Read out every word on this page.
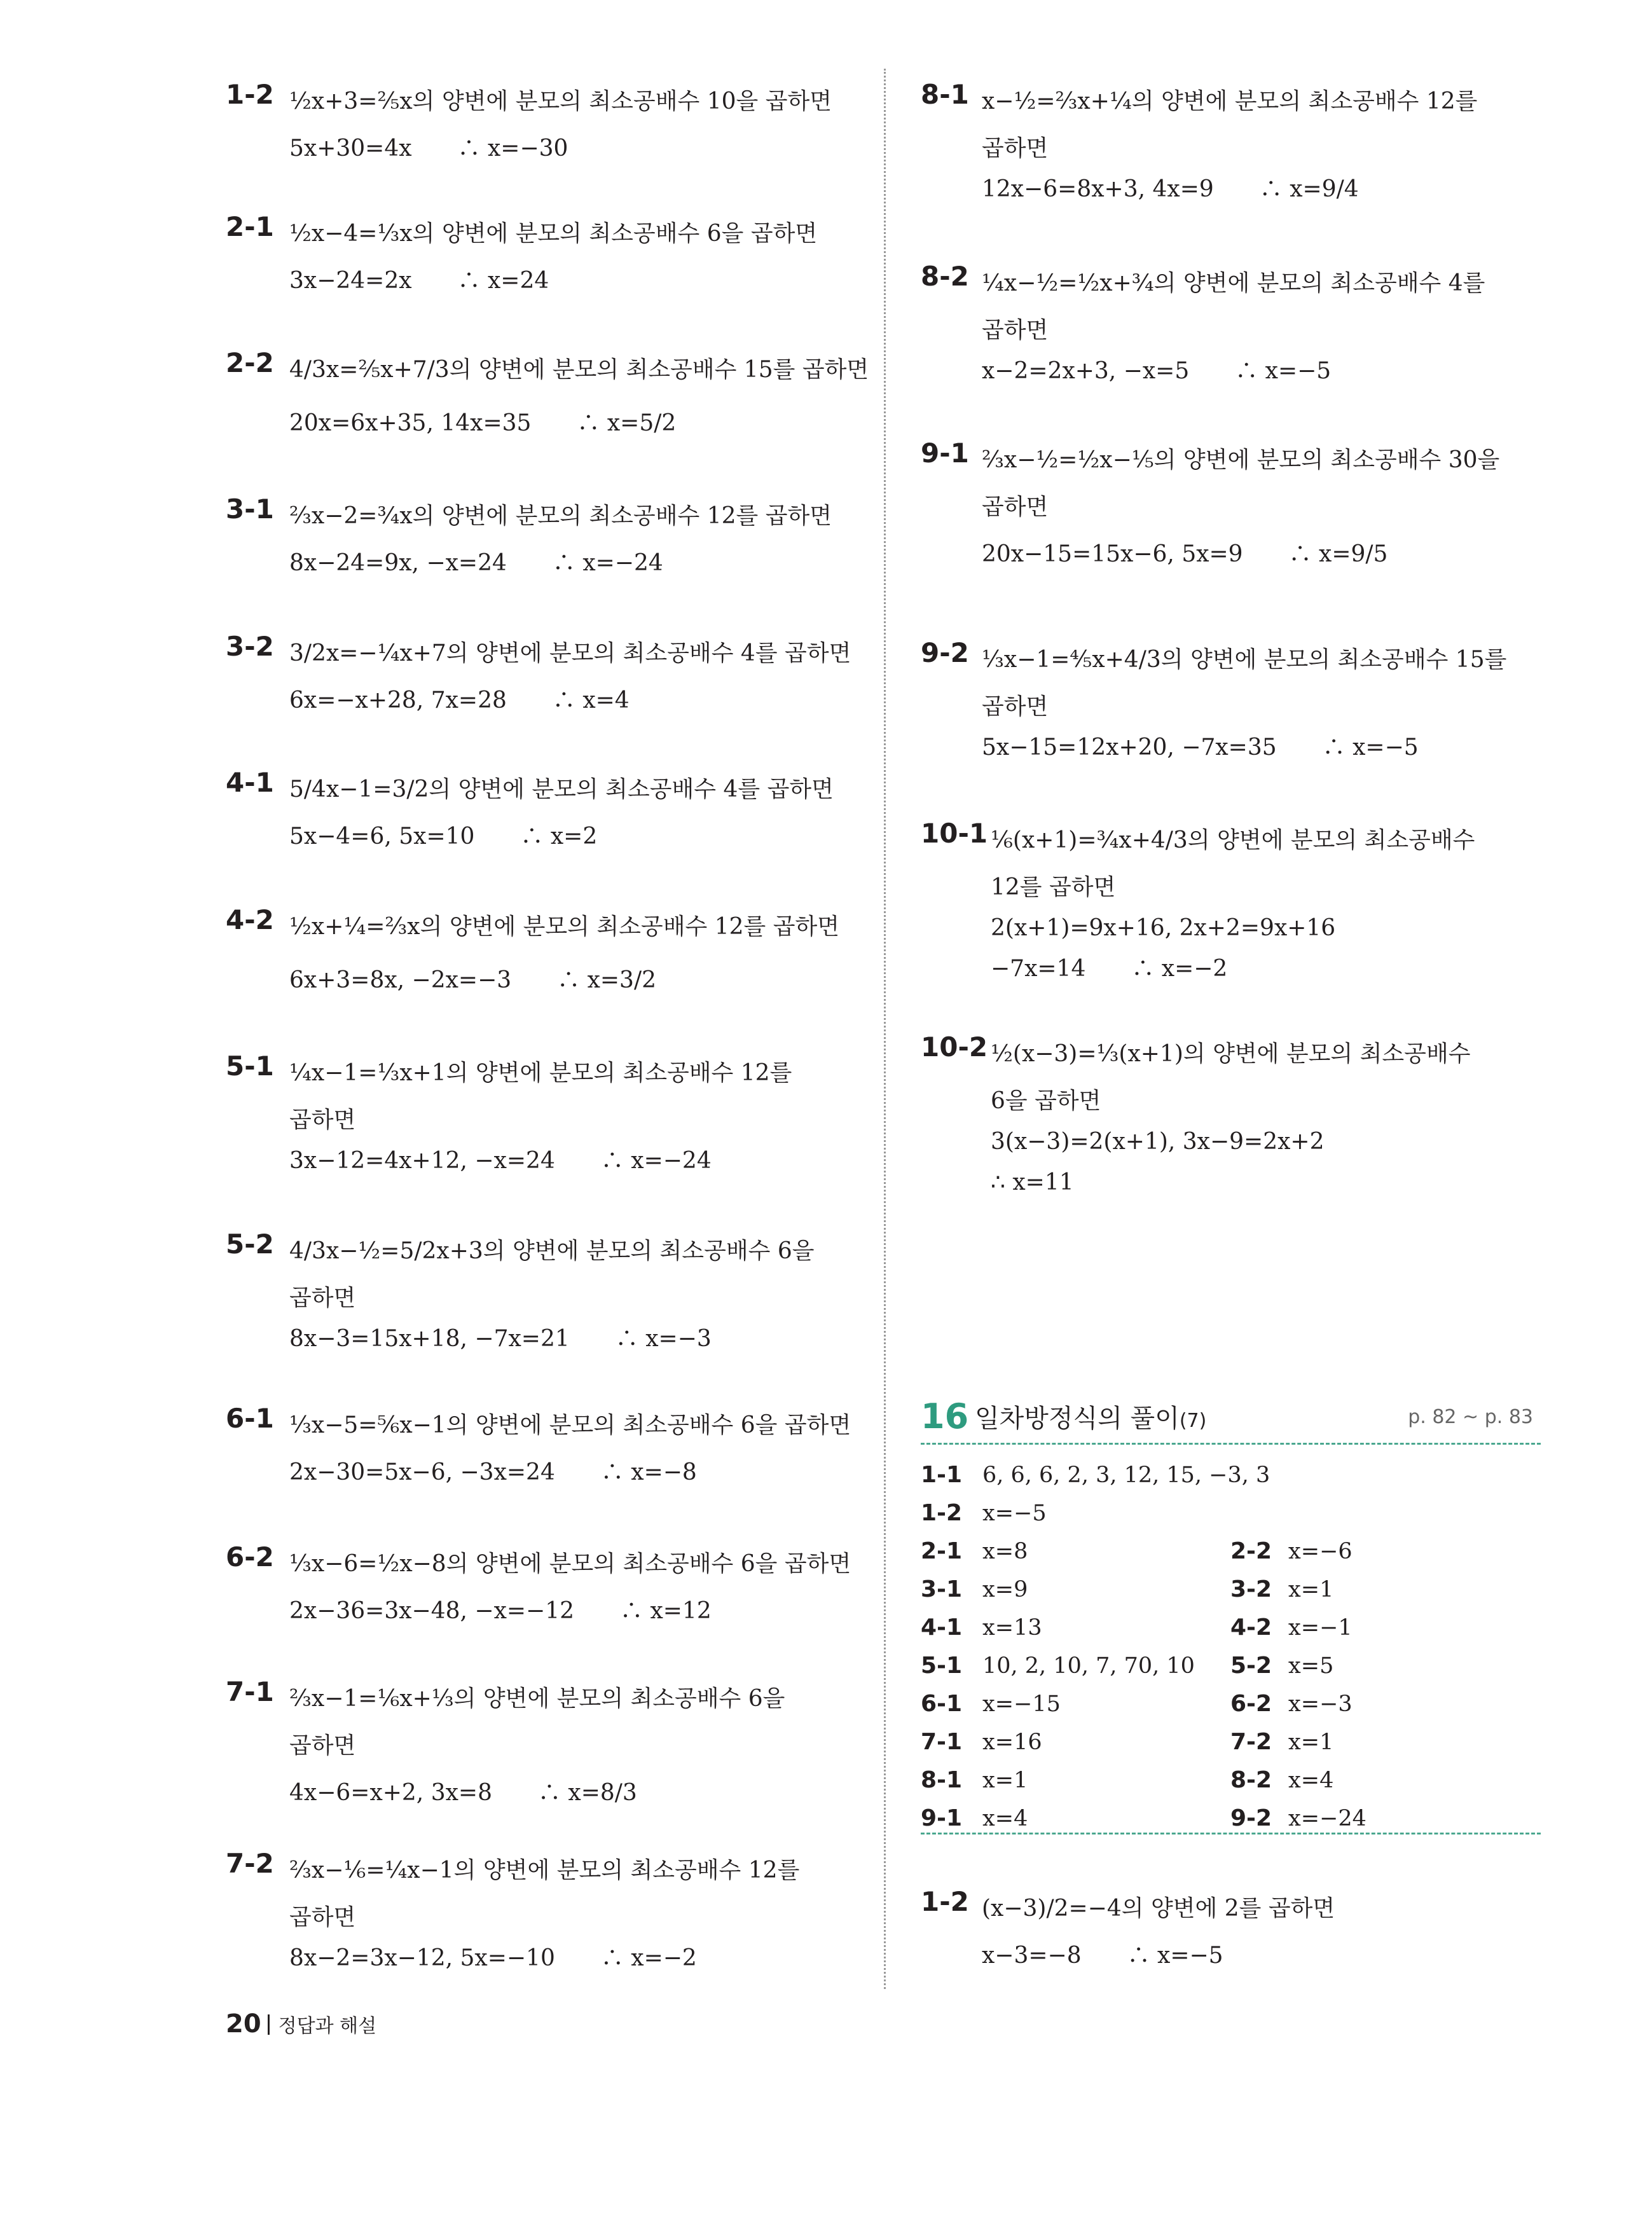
1-2 ½x+3=⅖x의 양변에 분모의 최소공배수 10을 곱하면
5x+30=4x　　∴ x=−30
2-1 ½x−4=⅓x의 양변에 분모의 최소공배수 6을 곱하면
3x−24=2x　　∴ x=24
2-2 4/3x=⅖x+7/3의 양변에 분모의 최소공배수 15를 곱하면
20x=6x+35, 14x=35　　∴ x=5/2
3-1 ⅔x−2=¾x의 양변에 분모의 최소공배수 12를 곱하면
8x−24=9x, −x=24　　∴ x=−24
3-2 3/2x=−¼x+7의 양변에 분모의 최소공배수 4를 곱하면
6x=−x+28, 7x=28　　∴ x=4
4-1 5/4x−1=3/2의 양변에 분모의 최소공배수 4를 곱하면
5x−4=6, 5x=10　　∴ x=2
4-2 ½x+¼=⅔x의 양변에 분모의 최소공배수 12를 곱하면
6x+3=8x, −2x=−3　　∴ x=3/2
5-1 ¼x−1=⅓x+1의 양변에 분모의 최소공배수 12를
곱하면
3x−12=4x+12, −x=24　　∴ x=−24
5-2 4/3x−½=5/2x+3의 양변에 분모의 최소공배수 6을
곱하면
8x−3=15x+18, −7x=21　　∴ x=−3
6-1 ⅓x−5=⅚x−1의 양변에 분모의 최소공배수 6을 곱하면
2x−30=5x−6, −3x=24　　∴ x=−8
6-2 ⅓x−6=½x−8의 양변에 분모의 최소공배수 6을 곱하면
2x−36=3x−48, −x=−12　　∴ x=12
7-1 ⅔x−1=⅙x+⅓의 양변에 분모의 최소공배수 6을
곱하면
4x−6=x+2, 3x=8　　∴ x=8/3
7-2 ⅔x−⅙=¼x−1의 양변에 분모의 최소공배수 12를
곱하면
8x−2=3x−12, 5x=−10　　∴ x=−2
8-1 x−½=⅔x+¼의 양변에 분모의 최소공배수 12를
곱하면
12x−6=8x+3, 4x=9　　∴ x=9/4
8-2 ¼x−½=½x+¾의 양변에 분모의 최소공배수 4를
곱하면
x−2=2x+3, −x=5　　∴ x=−5
9-1 ⅔x−½=½x−⅕의 양변에 분모의 최소공배수 30을
곱하면
20x−15=15x−6, 5x=9　　∴ x=9/5
9-2 ⅓x−1=⅘x+4/3의 양변에 분모의 최소공배수 15를
곱하면
5x−15=12x+20, −7x=35　　∴ x=−5
10-1 ⅙(x+1)=¾x+4/3의 양변에 분모의 최소공배수
12를 곱하면
2(x+1)=9x+16, 2x+2=9x+16
−7x=14　　∴ x=−2
10-2 ½(x−3)=⅓(x+1)의 양변에 분모의 최소공배수
6을 곱하면
3(x−3)=2(x+1), 3x−9=2x+2
∴ x=11
16 일차방정식의 풀이(7)	p. 82 ~ p. 83
1-1 6, 6, 6, 2, 3, 12, 15, −3, 3
1-2 x=−5
2-1 x=8	2-2 x=−6
3-1 x=9	3-2 x=1
4-1 x=13	4-2 x=−1
5-1 10, 2, 10, 7, 70, 10 5-2 x=5
6-1 x=−15	6-2 x=−3
7-1 x=16	7-2 x=1
8-1 x=1	8-2 x=4
9-1 x=4	9-2 x=−24
1-2 (x−3)/2=−4의 양변에 2를 곱하면
x−3=−8　　∴ x=−5
20 정답과 해설
